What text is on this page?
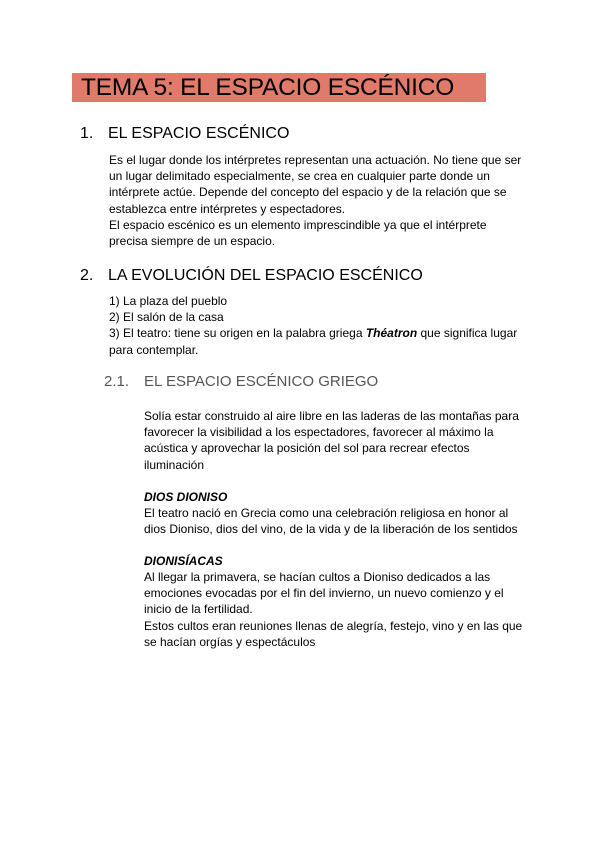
TEMA 5: EL ESPACIO ESCÉNICO
1. EL ESPACIO ESCÉNICO
Es el lugar donde los intérpretes representan una actuación. No tiene que ser
un lugar delimitado especialmente, se crea en cualquier parte donde un
intérprete actúe. Depende del concepto del espacio y de la relación que se
establezca entre intérpretes y espectadores.
El espacio escénico es un elemento imprescindible ya que el intérprete
precisa siempre de un espacio.
2. LA EVOLUCIÓN DEL ESPACIO ESCÉNICO
1) La plaza del pueblo
2) El salón de la casa
3) El teatro: tiene su origen en la palabra griega Théatron que significa lugar
para contemplar.
2.1. EL ESPACIO ESCÉNICO GRIEGO
Solía estar construido al aire libre en las laderas de las montañas para
favorecer la visibilidad a los espectadores, favorecer al máximo la
acústica y aprovechar la posición del sol para recrear efectos
iluminación
DIOS DIONISO
El teatro nació en Grecia como una celebración religiosa en honor al
dios Dioniso, dios del vino, de la vida y de la liberación de los sentidos
DIONISÍACAS
Al llegar la primavera, se hacían cultos a Dioniso dedicados a las
emociones evocadas por el fin del invierno, un nuevo comienzo y el
inicio de la fertilidad.
Estos cultos eran reuniones llenas de alegría, festejo, vino y en las que
se hacían orgías y espectáculos
